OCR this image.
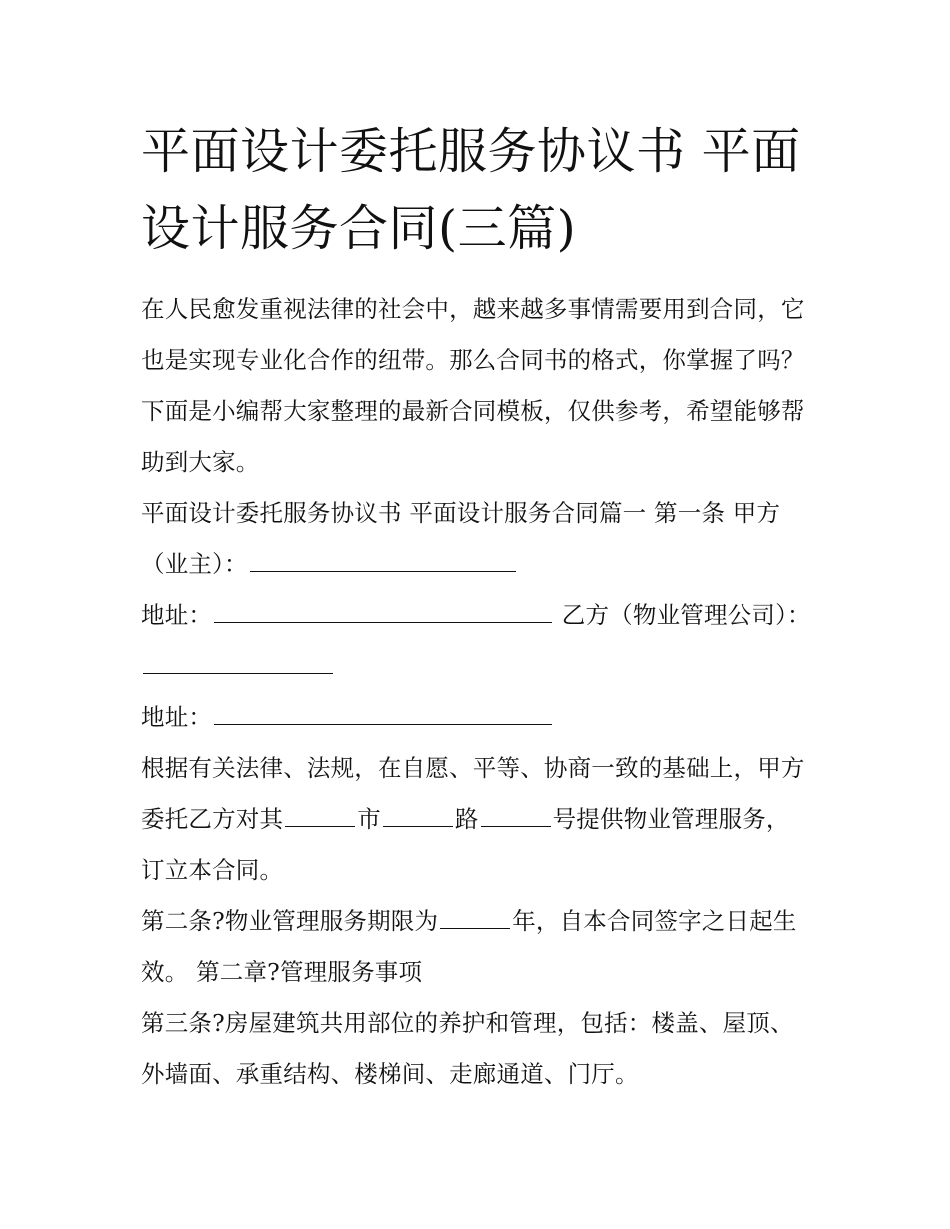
平面设计委托服务协议书 平面设计服务合同(三篇)

在人民愈发重视法律的社会中，越来越多事情需要用到合同，它也是实现专业化合作的纽带。那么合同书的格式，你掌握了吗？下面是小编帮大家整理的最新合同模板，仅供参考，希望能够帮助到大家。

平面设计委托服务协议书 平面设计服务合同篇一 第一条 甲方（业主）：

地址：	乙方（物业管理公司）：

地址：

根据有关法律、法规，在自愿、平等、协商一致的基础上，甲方委托乙方对其	市	路	号提供物业管理服务，订立本合同。

第二条?物业管理服务期限为	年，自本合同签字之日起生效。 第二章?管理服务事项

第三条?房屋建筑共用部位的养护和管理，包括：楼盖、屋顶、外墙面、承重结构、楼梯间、走廊通道、门厅。
